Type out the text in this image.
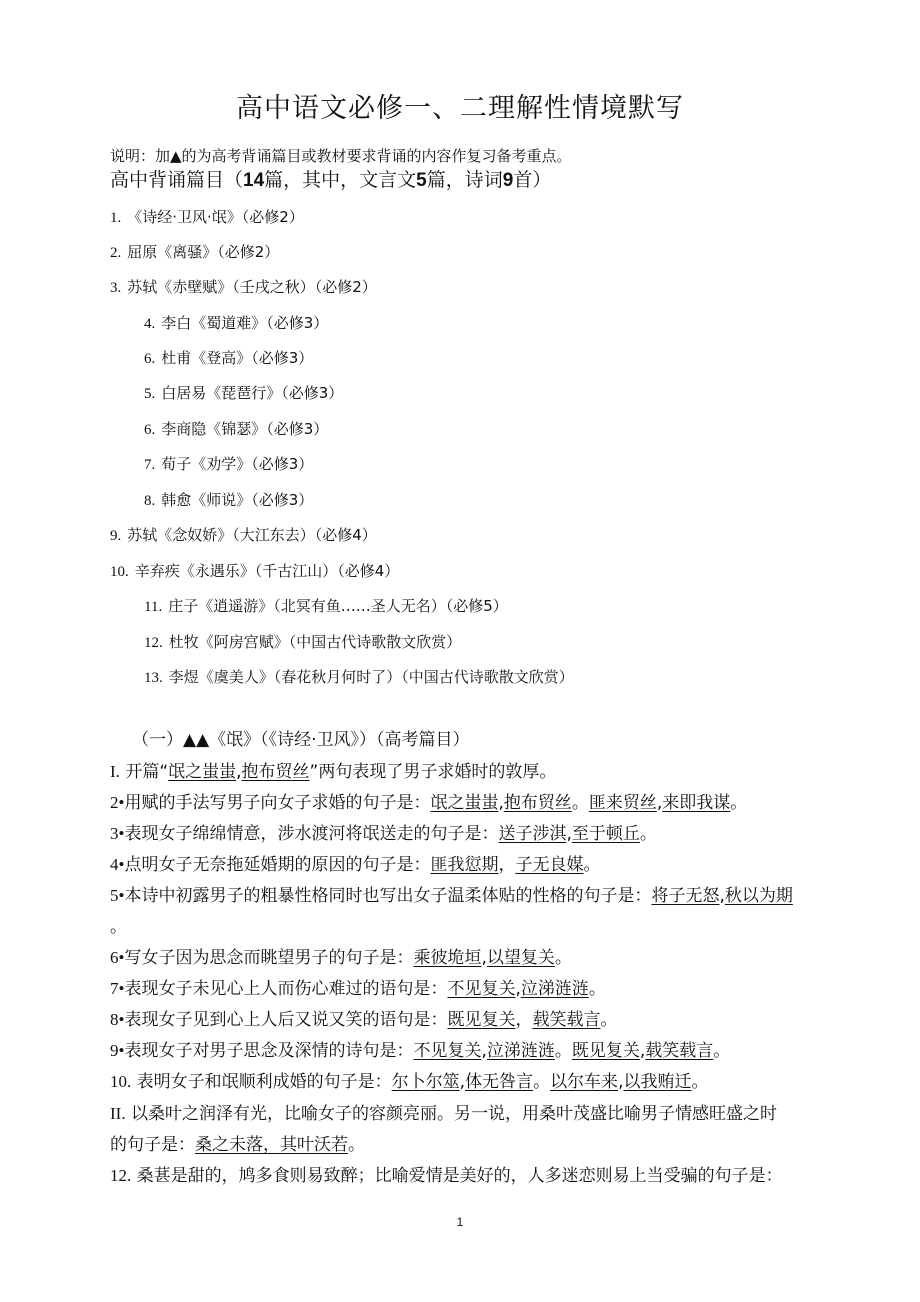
高中语文必修一、二理解性情境默写
说明：加▲的为高考背诵篇目或教材要求背诵的内容作复习备考重点。
高中背诵篇目（14篇，其中，文言文5篇，诗词9首）
1. 《诗经·卫风·氓》（必修2）
2. 屈原《离骚》（必修2）
3. 苏轼《赤壁赋》（壬戌之秋）（必修2）
4. 李白《蜀道难》（必修3）
6. 杜甫《登高》（必修3）
5. 白居易《琵琶行》（必修3）
6. 李商隐《锦瑟》（必修3）
7. 荀子《劝学》（必修3）
8. 韩愈《师说》（必修3）
9. 苏轼《念奴娇》（大江东去）（必修4）
10. 辛弃疾《永遇乐》（千古江山）（必修4）
11. 庄子《逍遥游》（北冥有鱼……圣人无名）（必修5）
12. 杜牧《阿房宫赋》（中国古代诗歌散文欣赏）
13. 李煜《虞美人》（春花秋月何时了）（中国古代诗歌散文欣赏）
（一）▲▲《氓》（《诗经·卫风》）（高考篇目）
I. 开篇“氓之蚩蚩,抱布贸丝”两句表现了男子求婚时的敦厚。
2•用赋的手法写男子向女子求婚的句子是：氓之蚩蚩,抱布贸丝。匪来贸丝,来即我谋。
3•表现女子绵绵情意，涉水渡河将氓送走的句子是：送子涉淇,至于顿丘。
4•点明女子无奈拖延婚期的原因的句子是：匪我愆期，子无良媒。
5•本诗中初露男子的粗暴性格同时也写出女子温柔体贴的性格的句子是：将子无怒,秋以为期
。
6•写女子因为思念而眺望男子的句子是：乘彼垝垣,以望复关。
7•表现女子未见心上人而伤心难过的语句是：不见复关,泣涕涟涟。
8•表现女子见到心上人后又说又笑的语句是：既见复关，载笑载言。
9•表现女子对男子思念及深情的诗句是：不见复关,泣涕涟涟。既见复关,载笑载言。
10. 表明女子和氓顺利成婚的句子是：尔卜尔筮,体无咎言。以尔车来,以我贿迁。
II. 以桑叶之润泽有光，比喻女子的容颜亮丽。另一说，用桑叶茂盛比喻男子情感旺盛之时
的句子是：桑之未落，其叶沃若。
12. 桑葚是甜的，鸠多食则易致醉；比喻爱情是美好的，人多迷恋则易上当受骗的句子是：
1
